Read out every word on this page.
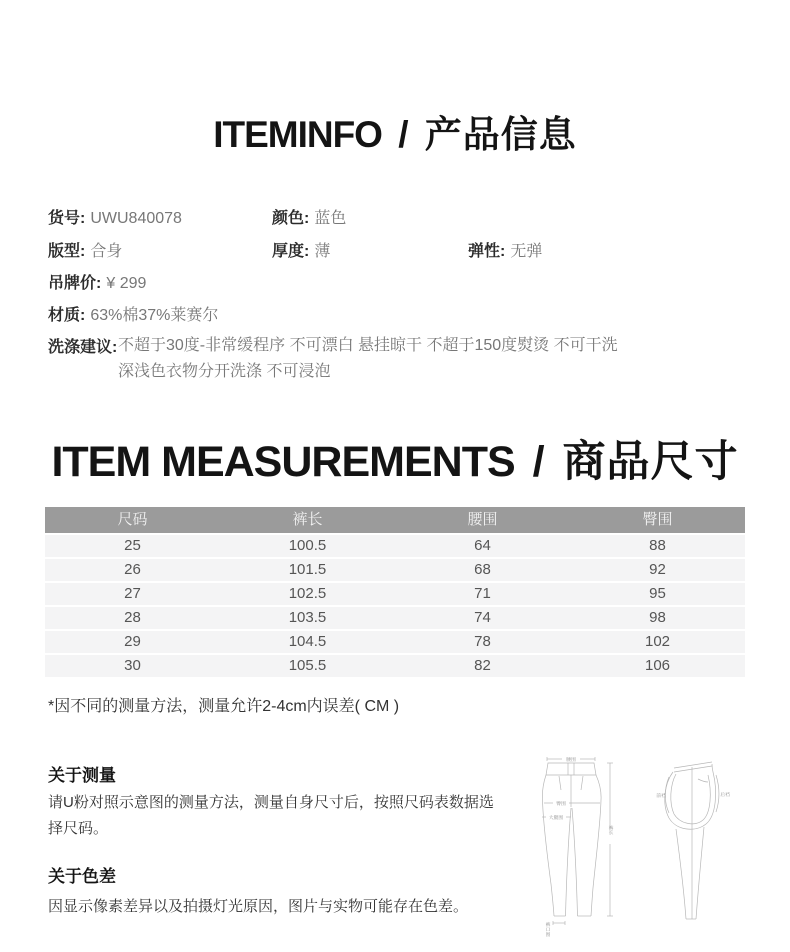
ITEMINFO / 产品信息
货号: UWU840078	颜色: 蓝色
版型: 合身	厚度: 薄	弹性: 无弹
吊牌价: ¥ 299
材质: 63%棉37%莱赛尔
洗涤建议: 不超于30度-非常缓程序 不可漂白 悬挂晾干 不超于150度熨烫 不可干洗
深浅色衣物分开洗涤 不可浸泡
ITEM MEASUREMENTS / 商品尺寸
尺码	裤长	腰围	臀围
25	100.5	64	88
26	101.5	68	92
27	102.5	71	95
28	103.5	74	98
29	104.5	78	102
30	105.5	82	106
*因不同的测量方法，测量允许2-4cm内误差( CM )
关于测量
请U粉对照示意图的测量方法，测量自身尺寸后，按照尺码表数据选择尺码。
关于色差
因显示像素差异以及拍摄灯光原因，图片与实物可能存在色差。
腰围
臀围
大腿围
裤长
裤口围
前裆	后裆
